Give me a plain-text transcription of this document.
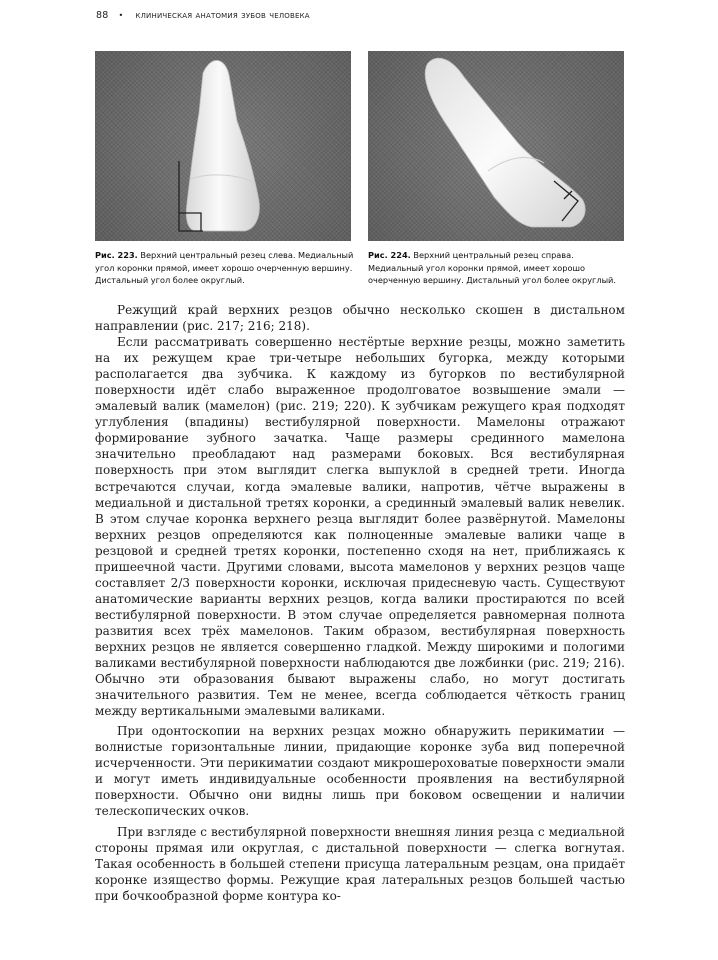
88 • клиническая анатомия зубов человека
Рис. 223. Верхний центральный резец слева. Медиальный угол коронки прямой, имеет хорошо очерченную вершину. Дистальный угол более округлый.
Рис. 224. Верхний центральный резец справа. Медиальный угол коронки прямой, имеет хорошо очерченную вершину. Дистальный угол более округлый.

Режущий край верхних резцов обычно несколько скошен в дистальном направлении (рис. 217; 216; 218).

Если рассматривать совершенно нестёртые верхние резцы, можно заметить на их режущем крае три-четыре небольших бугорка, между которыми располагается два зубчика. К каждому из бугорков по вестибулярной поверхности идёт слабо выраженное продолговатое возвышение эмали — эмалевый валик (мамелон) (рис. 219; 220). К зубчикам режущего края подходят углубления (впадины) вестибулярной поверхности. Мамелоны отражают формирование зубного зачатка. Чаще размеры срединного мамелона значительно преобладают над размерами боковых. Вся вестибулярная поверхность при этом выглядит слегка выпуклой в средней трети. Иногда встречаются случаи, когда эмалевые валики, напротив, чётче выражены в медиальной и дистальной третях коронки, а срединный эмалевый валик невелик. В этом случае коронка верхнего резца выглядит более развёрнутой. Мамелоны верхних резцов определяются как полноценные эмалевые валики чаще в резцовой и средней третях коронки, постепенно сходя на нет, приближаясь к пришеечной части. Другими словами, высота мамелонов у верхних резцов чаще составляет 2/3 поверхности коронки, исключая придесневую часть. Существуют анатомические варианты верхних резцов, когда валики простираются по всей вестибулярной поверхности. В этом случае определяется равномерная полнота развития всех трёх мамелонов. Таким образом, вестибулярная поверхность верхних резцов не является совершенно гладкой. Между широкими и пологими валиками вестибулярной поверхности наблюдаются две ложбинки (рис. 219; 216). Обычно эти образования бывают выражены слабо, но могут достигать значительного развития. Тем не менее, всегда соблюдается чёткость границ между вертикальными эмалевыми валиками.

При одонтоскопии на верхних резцах можно обнаружить перикиматии — волнистые горизонтальные линии, придающие коронке зуба вид поперечной исчерченности. Эти перикиматии создают микрошероховатые поверхности эмали и могут иметь индивидуальные особенности проявления на вестибулярной поверхности. Обычно они видны лишь при боковом освещении и наличии телескопических очков.

При взгляде с вестибулярной поверхности внешняя линия резца с медиальной стороны прямая или округлая, с дистальной поверхности — слегка вогнутая. Такая особенность в большей степени присуща латеральным резцам, она придаёт коронке изящество формы. Режущие края латеральных резцов большей частью при бочкообразной форме контура ко-
